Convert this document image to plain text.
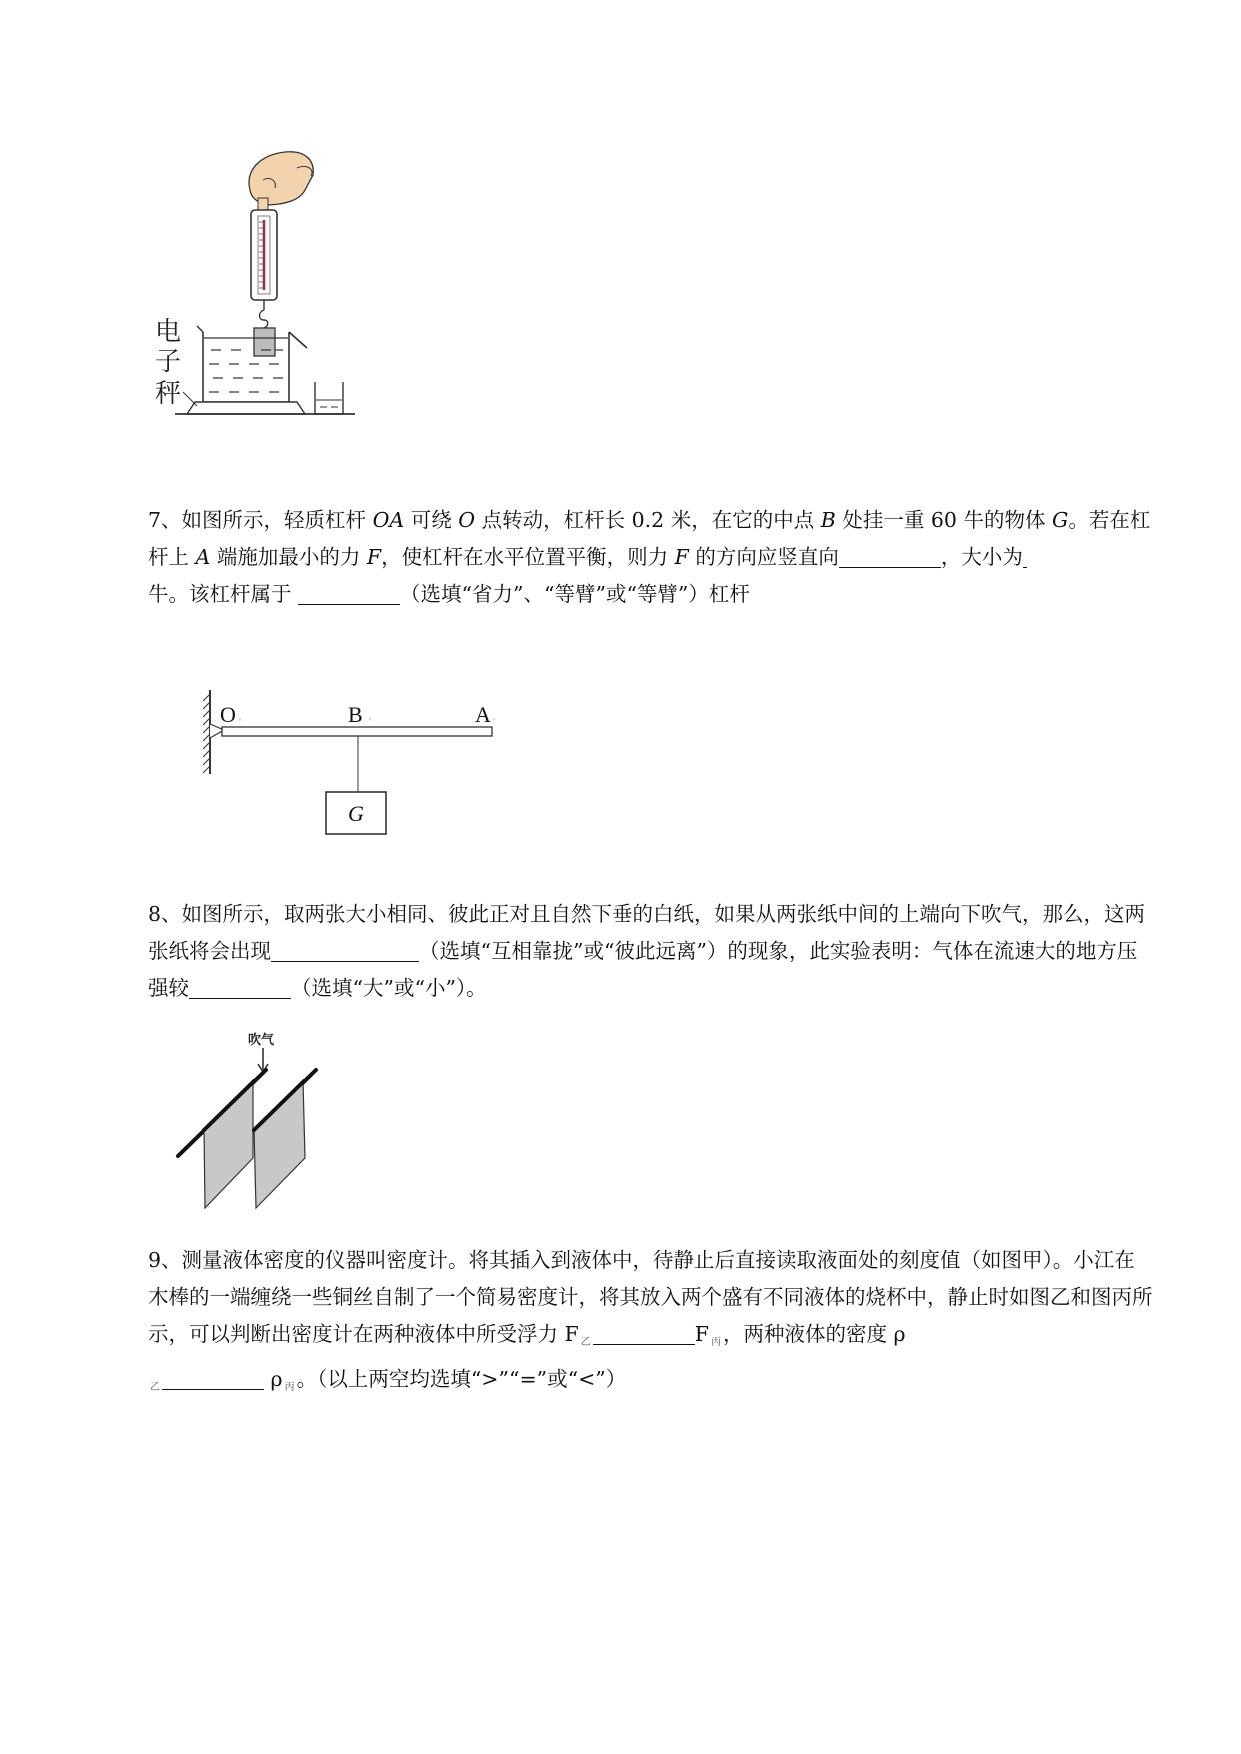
电
子
秤

7、如图所示，轻质杠杆 OA 可绕 O 点转动，杠杆长 0.2 米，在它的中点 B 处挂一重 60 牛的物体 G。若在杠杆上 A 端施加最小的力 F，使杠杆在水平位置平衡，则力 F 的方向应竖直向	，大小为
牛。该杠杆属于	（选填“省力”、“等臂”或“等臂”）杠杆

O	B	A
G
◦	◦	◦

8、如图所示，取两张大小相同、彼此正对且自然下垂的白纸，如果从两张纸中间的上端向下吹气，那么，这两张纸将会出现	（选填“互相靠拢”或“彼此远离”）的现象，此实验表明：气体在流速大的地方压强较	（选填“大”或“小”）。

吹气

9、测量液体密度的仪器叫密度计。将其插入到液体中，待静止后直接读取液面处的刻度值（如图甲）。小江在木棒的一端缠绕一些铜丝自制了一个简易密度计，将其放入两个盛有不同液体的烧杯中，静止时如图乙和图丙所示，可以判断出密度计在两种液体中所受浮力 F $_乙$	F $_丙$，两种液体的密度 ρ
$_乙$	ρ $_丙$。（以上两空均选填“>”“=”或“<”）
